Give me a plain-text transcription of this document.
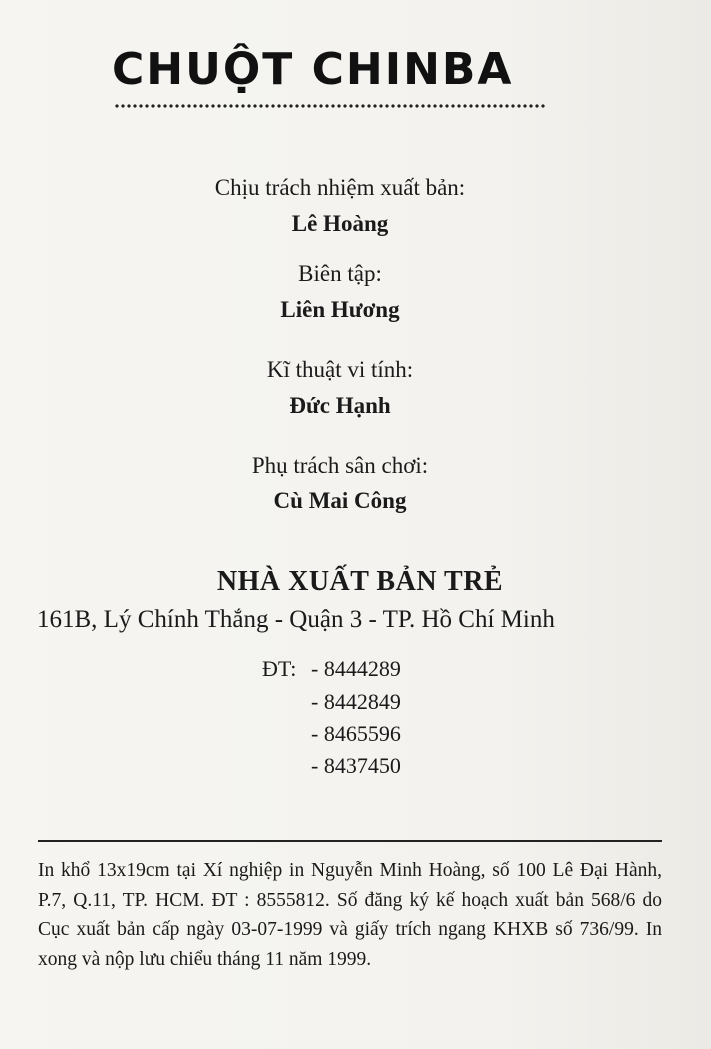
CHUỘT CHINBA
Chịu trách nhiệm xuất bản:
Lê Hoàng
Biên tập:
Liên Hương
Kĩ thuật vi tính:
Đức Hạnh
Phụ trách sân chơi:
Cù Mai Công
NHÀ XUẤT BẢN TRẺ
161B, Lý Chính Thắng - Quận 3 - TP. Hồ Chí Minh
ĐT: - 8444289
- 8442849
- 8465596
- 8437450
In khổ 13x19cm tại Xí nghiệp in Nguyễn Minh Hoàng, số 100 Lê Đại Hành, P.7, Q.11, TP. HCM. ĐT : 8555812. Số đăng ký kế hoạch xuất bản 568/6 do Cục xuất bản cấp ngày 03-07-1999 và giấy trích ngang KHXB số 736/99. In xong và nộp lưu chiểu tháng 11 năm 1999.
